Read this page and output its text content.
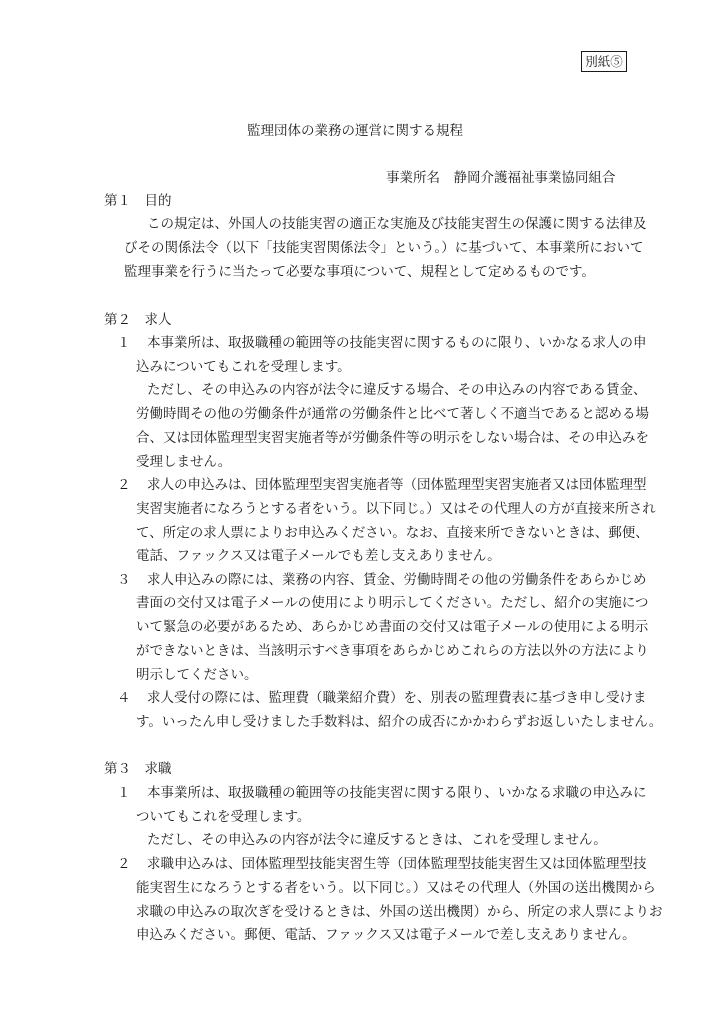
別紙⑤
監理団体の業務の運営に関する規程
事業所名　静岡介護福祉事業協同組合
第１　目的
この規定は、外国人の技能実習の適正な実施及び技能実習生の保護に関する法律及
びその関係法令（以下「技能実習関係法令」という。）に基づいて、本事業所において
監理事業を行うに当たって必要な事項について、規程として定めるものです。
第２　求人
１ 本事業所は、取扱職種の範囲等の技能実習に関するものに限り、いかなる求人の申
込みについてもこれを受理します。
ただし、その申込みの内容が法令に違反する場合、その申込みの内容である賃金、
労働時間その他の労働条件が通常の労働条件と比べて著しく不適当であると認める場
合、又は団体監理型実習実施者等が労働条件等の明示をしない場合は、その申込みを
受理しません。
２ 求人の申込みは、団体監理型実習実施者等（団体監理型実習実施者又は団体監理型
実習実施者になろうとする者をいう。以下同じ。）又はその代理人の方が直接来所され
て、所定の求人票によりお申込みください。なお、直接来所できないときは、郵便、
電話、ファックス又は電子メールでも差し支えありません。
３ 求人申込みの際には、業務の内容、賃金、労働時間その他の労働条件をあらかじめ
書面の交付又は電子メールの使用により明示してください。ただし、紹介の実施につ
いて緊急の必要があるため、あらかじめ書面の交付又は電子メールの使用による明示
ができないときは、当該明示すべき事項をあらかじめこれらの方法以外の方法により
明示してください。
４ 求人受付の際には、監理費（職業紹介費）を、別表の監理費表に基づき申し受けま
す。いったん申し受けました手数料は、紹介の成否にかかわらずお返しいたしません。
第３　求職
１ 本事業所は、取扱職種の範囲等の技能実習に関する限り、いかなる求職の申込みに
ついてもこれを受理します。
ただし、その申込みの内容が法令に違反するときは、これを受理しません。
２ 求職申込みは、団体監理型技能実習生等（団体監理型技能実習生又は団体監理型技
能実習生になろうとする者をいう。以下同じ。）又はその代理人（外国の送出機関から
求職の申込みの取次ぎを受けるときは、外国の送出機関）から、所定の求人票によりお
申込みください。郵便、電話、ファックス又は電子メールで差し支えありません。
